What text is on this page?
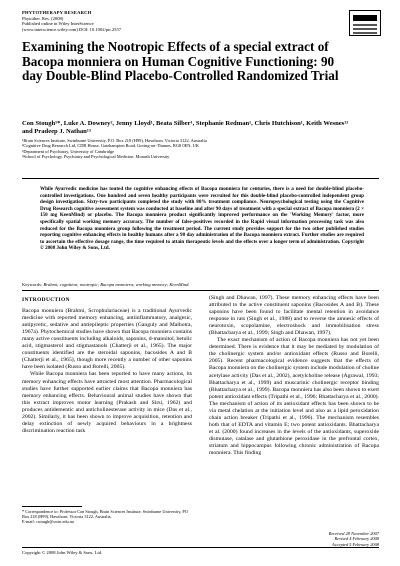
PHYTOTHERAPY RESEARCH
Phytother. Res. (2008)
Published online in Wiley InterScience
(www.interscience.wiley.com) DOI: 10.1002/ptr.2557
Examining the Nootropic Effects of a special extract of Bacopa monniera on Human Cognitive Functioning: 90 day Double-Blind Placebo-Controlled Randomized Trial
Con Stough¹*, Luke A. Downey², Jenny Lloyd¹, Beata Silber¹, Stephanie Redman¹, Chris Hutchison¹, Keith Wesnes¹² and Pradeep J. Nathan¹³
¹Brain Sciences Institute, Swinburne University, P.O. Box 218 (H99), Hawthorn, Victoria 3122, Australia
²Cognitive Drug Research Ltd, CDR House, Gatehampton Road, Goring-on-Thames, RG8 0EN, UK
³Department of Psychiatry, University of Cambridge
⁴School of Psychology, Psychiatry and Psychological Medicine, Monash University
While Ayurvedic medicine has touted the cognitive enhancing effects of Bacopa monniera for centuries, there is a need for double-blind placebo-controlled investigations. One hundred and seven healthy participants were recruited for this double-blind placebo-controlled independent group design investigation. Sixty-two participants completed the study with 80% treatment compliance. Neuropsychological testing using the Cognitive Drug Research cognitive assessment system was conducted at baseline and after 90 days of treatment with a special extract of Bacopa monniera (2 × 150 mg KeenMind) or placebo. The Bacopa monniera product significantly improved performance on the 'Working Memory' factor, more specifically spatial working memory accuracy. The number of false-positives recorded in the Rapid visual information processing task was also reduced for the Bacopa monniera group following the treatment period. The current study provides support for the two other published studies reporting cognitive enhancing effects in healthy humans after a 90 day administration of the Bacopa monniera extract. Further studies are required to ascertain the effective dosage range, the time required to attain therapeutic levels and the effects over a longer term of administration. Copyright © 2008 John Wiley & Sons, Ltd.
Keywords: Brahmi; cognition; nootropic; Bacopa monniera; working memory; KeenMind.
INTRODUCTION

Bacopa monniera (Brahmi, Scrophulariaceae) is a traditional Ayurvedic medicine with reported memory enhancing, antiinflammatory, analgesic, antipyretic, sedative and antiepileptic properties (Ganguly and Malhotra, 1967a). Phytochemical studies have shown that Bacopa monniera contains many active constituents including alkaloids, saponins, d-mannitol, betulic acid, stigmasterol and stigmastanols (Chatterji et al., 1965). The major constituents identified are the steroidal saponins, bacosides A and B (Chatterji et al., 1965), though more recently a number of other saponins have been isolated (Russo and Borelli, 2005).

While Bacopa monniera has been reported to have many actions, its memory enhancing effects have attracted most attention. Pharmacological studies have further supported earlier claims that Bacopa monniera has memory enhancing effects. Behavioural animal studies have shown that this extract improves motor learning (Prakash and Sirsi, 1962) and produces antidementic and anticholinesterase activity in mice (Das et al., 2002). Similarly, it has been shown to improve acquisition, retention and delay extinction of newly acquired behaviours in a brightness discrimination reaction task

(Singh and Dhawan, 1997). These memory enhancing effects have been attributed to the active constituent saponins (Bacosides A and B). These saponins have been found to facilitate mental retention in avoidance response in rats (Singh et al., 1988) and to reverse the amnesic effects of neurotoxin, scopolamine, electroshock and immobilisation stress (Bhattacharya et al., 1999; Singh and Dhawan, 1997).

The exact mechanism of action of Bacopa monniera has not yet been determined. There is evidence that it may be mediated by modulation of the cholinergic system and/or antioxidant effects (Russo and Borelli, 2005). Recent pharmacological evidence suggests that the effects of Bacopa monniera on the cholinergic system include modulation of choline acetylase activity (Das et al., 2002), acetylcholine release (Agrawal, 1993; Bhattacharya et al., 1999) and muscarinic cholinergic receptor binding (Bhattacharya et al., 1999). Bacopa monniera has also been shown to exert potent antioxidant effects (Tripathi et al., 1996; Bhattacharya et al., 2000). The mechanism of action of its antioxidant effects has been shown to be via metal chelation at the initiation level and also as a lipid peroxidation chain action breaker (Tripathi et al., 1996). The mechanism resembles both that of EDTA and vitamin E; two potent antioxidants. Bhattacharya et al. (2000) found increases in the levels of the antioxidants, superoxide dismutase, catalase and glutathione peroxidase in the prefrontal cortex, striatum and hippocampus following chronic administration of Bacopa monniera. This finding

* Correspondence to: Professor Con Stough, Brain Sciences Institute, Swinburne University, PO Box 218 (H99), Hawthorn, Victoria 3122, Australia.
E-mail: cstough@swin.edu.au
Received 28 November 2007
Revised 4 February 2008
Accepted 5 February 2008
Copyright © 2008 John Wiley & Sons, Ltd.
